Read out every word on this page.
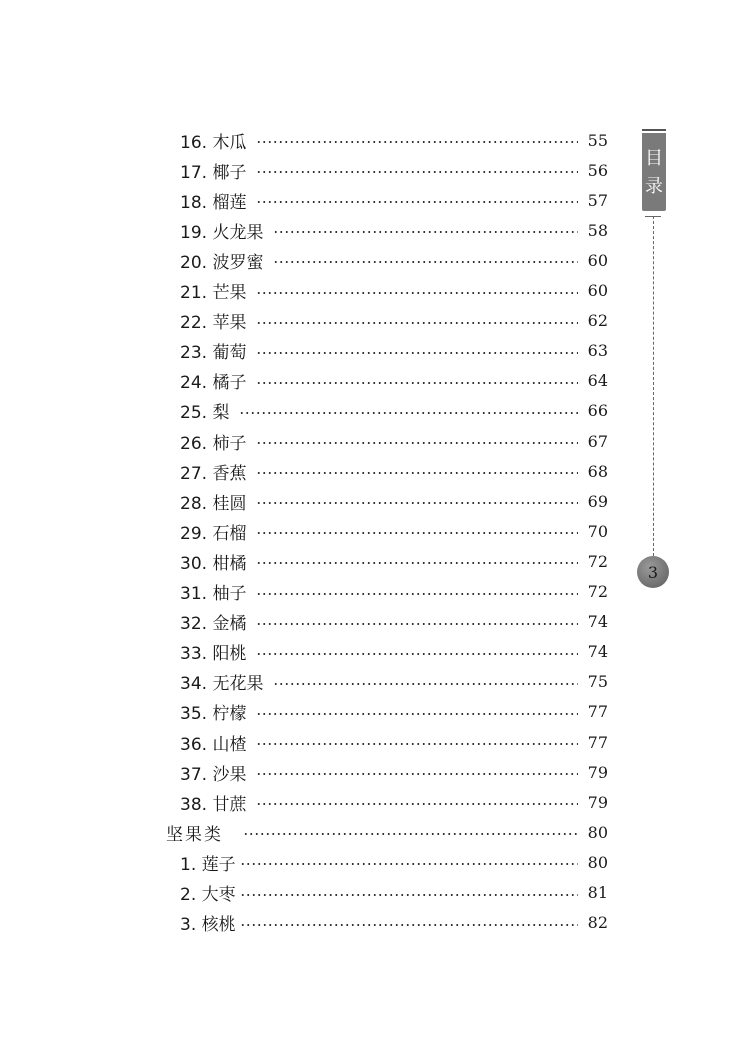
16. 木瓜	55
17. 椰子	56
18. 榴莲	57
19. 火龙果	58
20. 波罗蜜	60
21. 芒果	60
22. 苹果	62
23. 葡萄	63
24. 橘子	64
25. 梨	66
26. 柿子	67
27. 香蕉	68
28. 桂圆	69
29. 石榴	70
30. 柑橘	72
31. 柚子	72
32. 金橘	74
33. 阳桃	74
34. 无花果	75
35. 柠檬	77
36. 山楂	77
37. 沙果	79
38. 甘蔗	79
坚果类	80
1. 莲子	80
2. 大枣	81
3. 核桃	82
目
录
3
